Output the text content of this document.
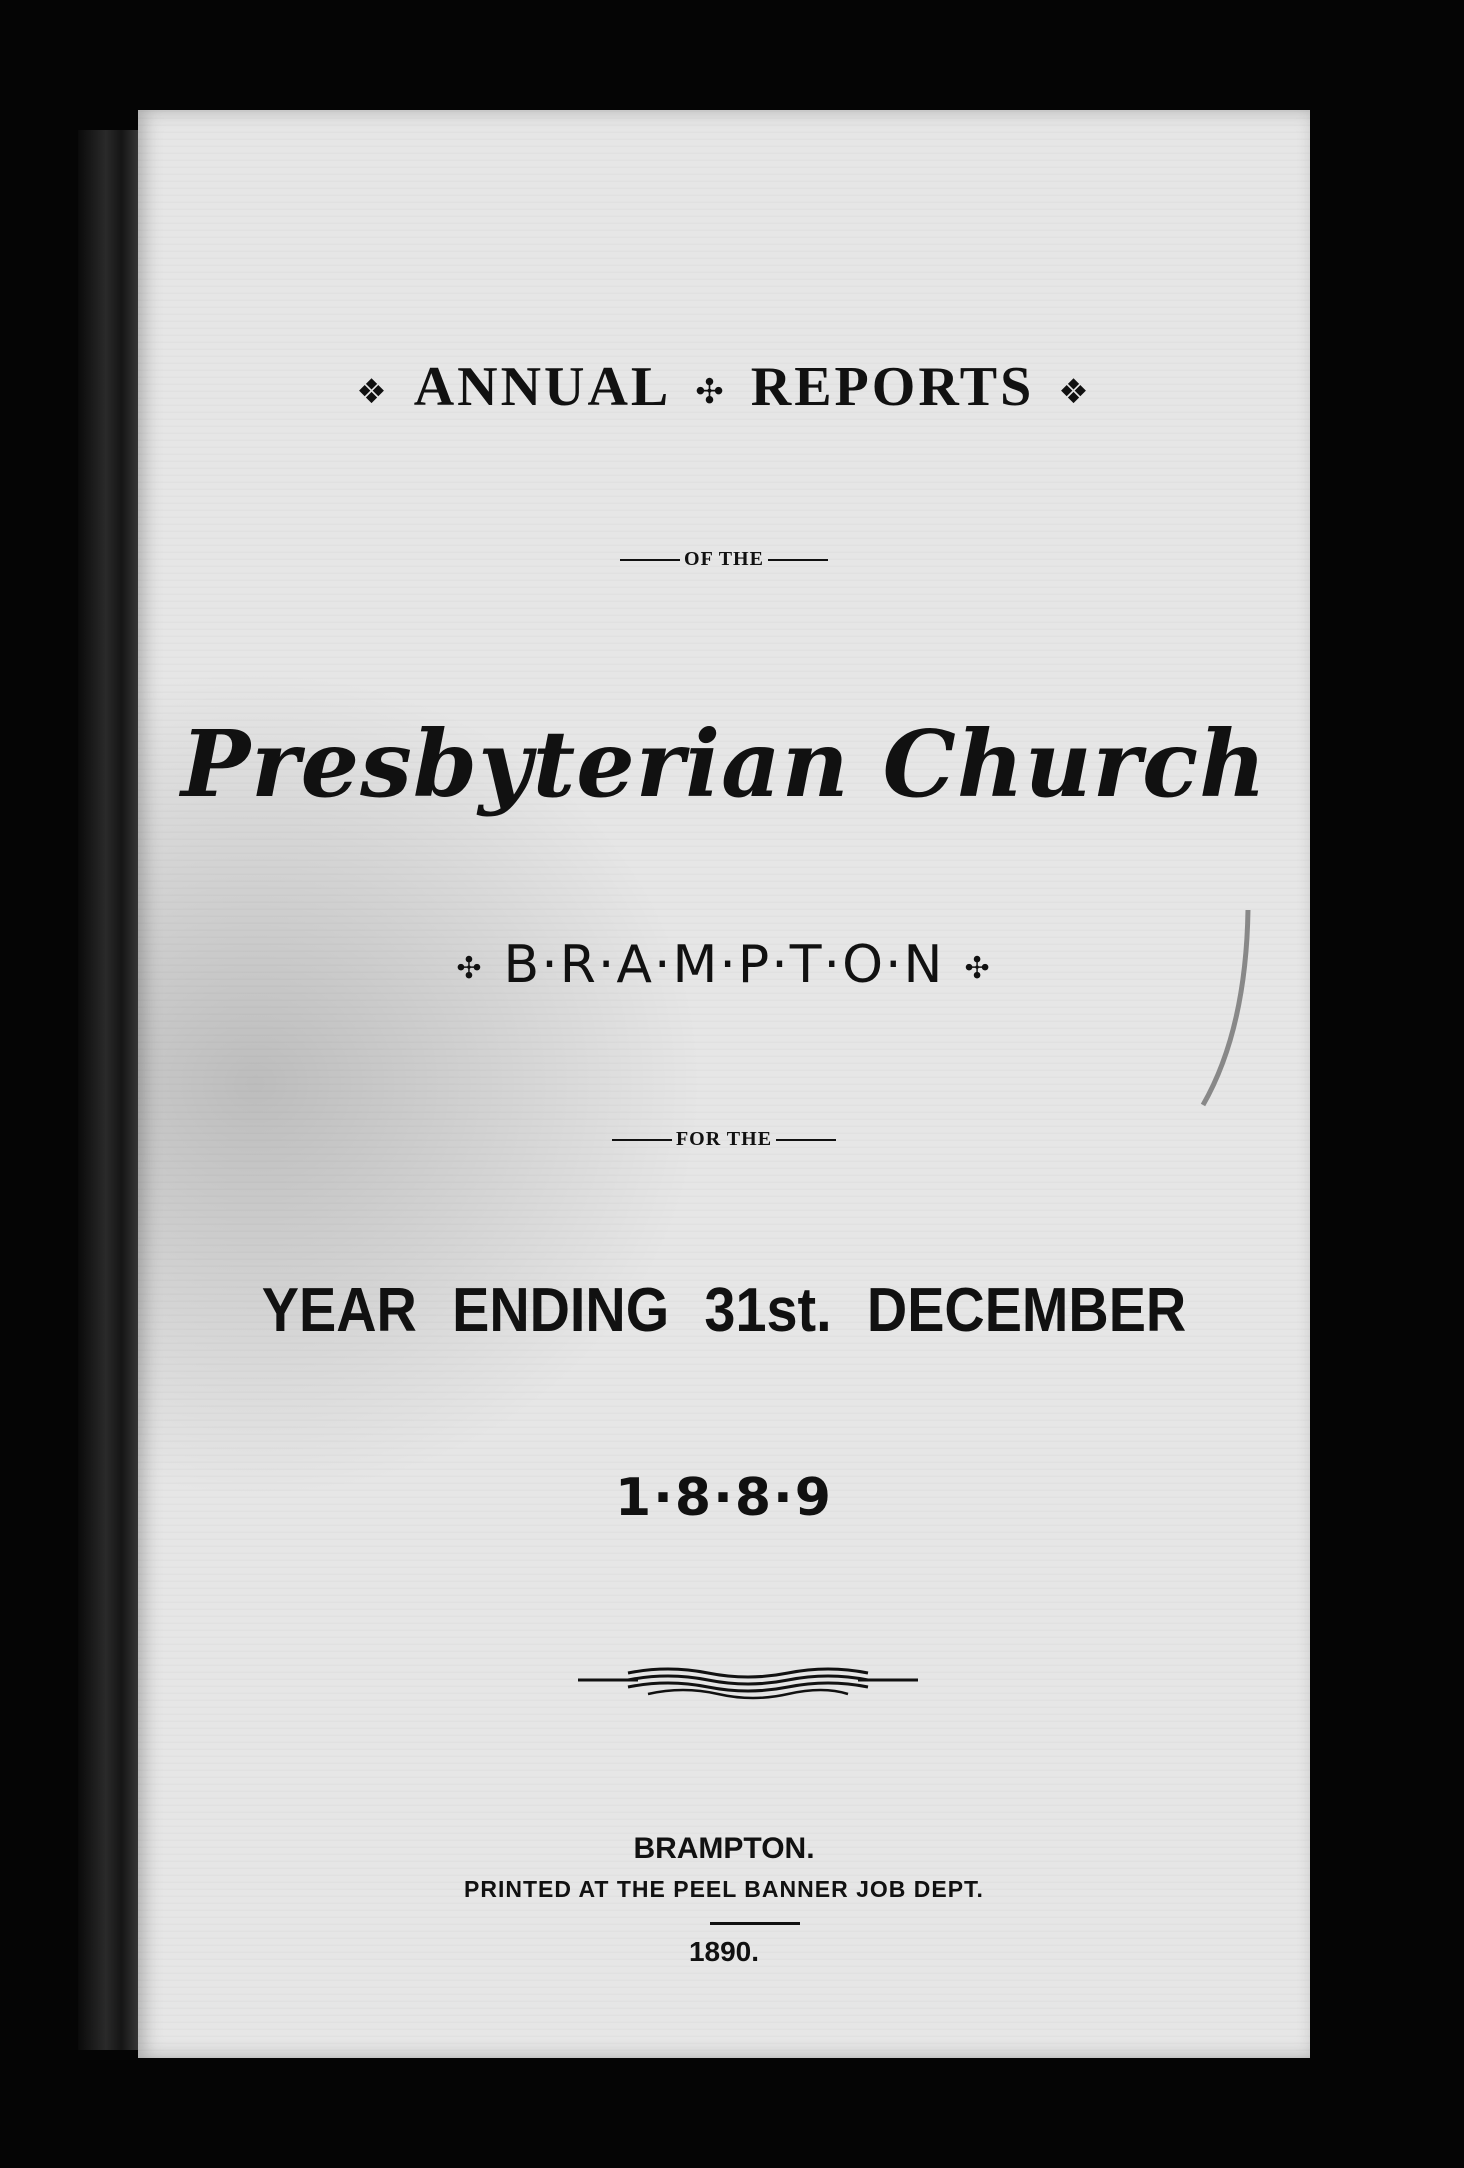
❖ ANNUAL ✣ REPORTS ❖
OF THE
Presbyterian Church
✣ B·R·A·M·P·T·O·N ✣
FOR THE
YEAR ENDING 31st. DECEMBER
1·8·8·9
BRAMPTON.
PRINTED AT THE PEEL BANNER JOB DEPT.
1890.
